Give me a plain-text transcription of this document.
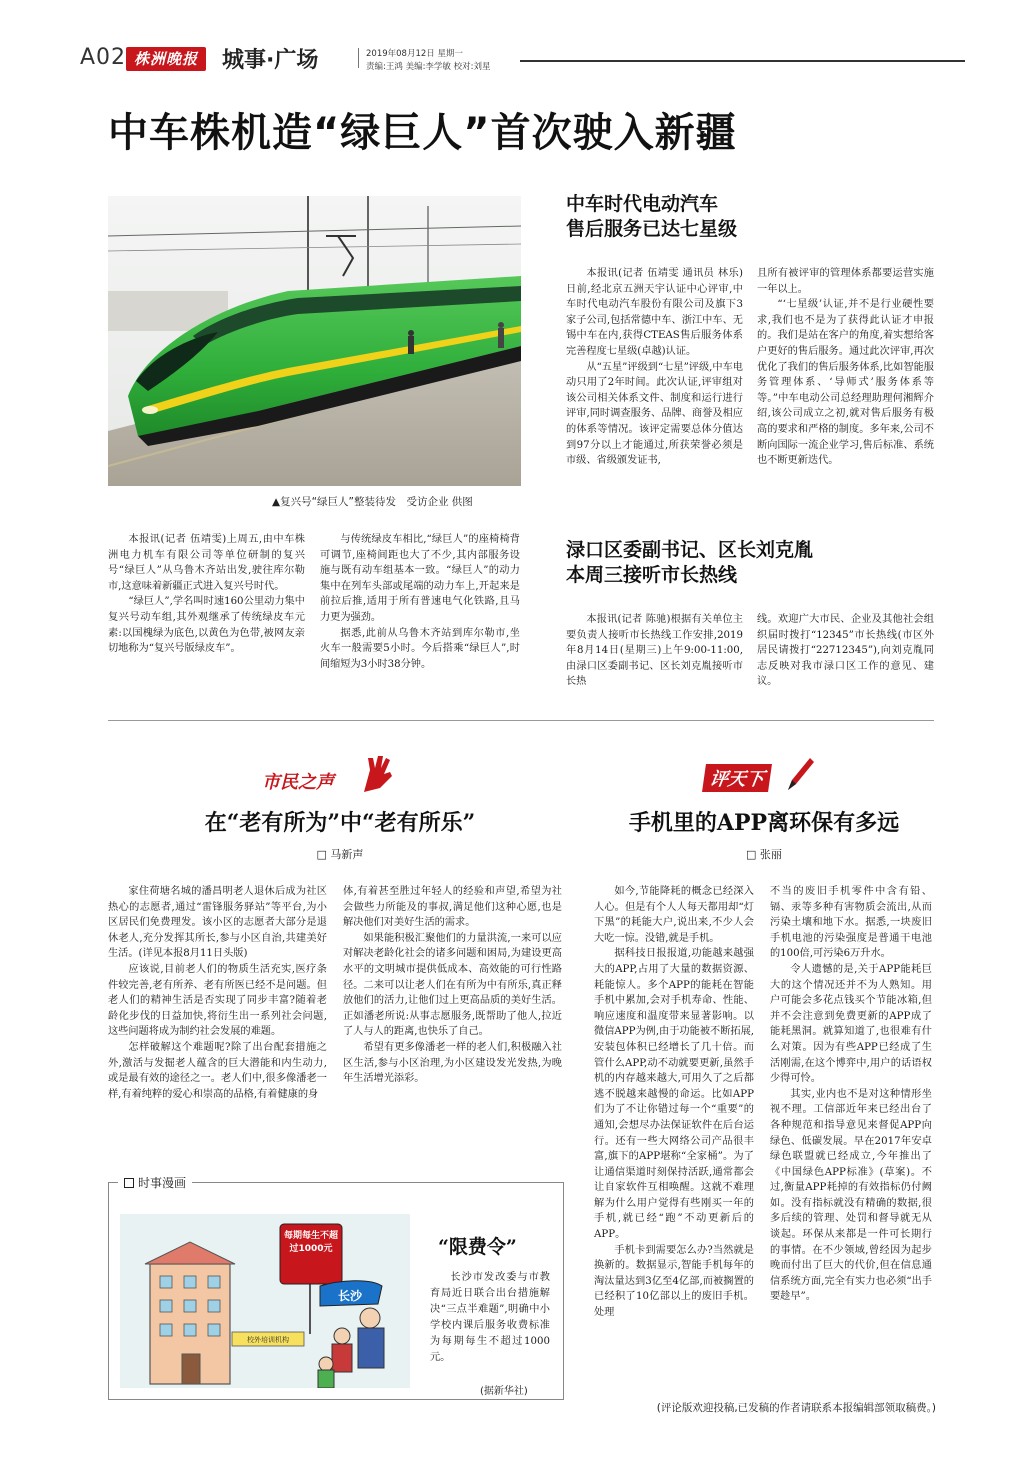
A02 株洲晚报	城事·广场	2019年08月12日 星期一
责编:王鸿 美编:李学敏 校对:刘星
中车株机造“绿巨人”首次驶入新疆
▲复兴号“绿巨人”整装待发　受访企业 供图

本报讯(记者 伍靖雯)上周五,由中车株洲电力机车有限公司等单位研制的复兴号“绿巨人”从乌鲁木齐站出发,驶往库尔勒市,这意味着新疆正式进入复兴号时代。

“绿巨人”,学名叫时速160公里动力集中复兴号动车组,其外观继承了传统绿皮车元素:以国槐绿为底色,以黄色为色带,被网友亲切地称为“复兴号版绿皮车”。

与传统绿皮车相比,“绿巨人”的座椅椅背可调节,座椅间距也大了不少,其内部服务设施与既有动车组基本一致。“绿巨人”的动力集中在列车头部或尾端的动力车上,开起来是前拉后推,适用于所有普速电气化铁路,且马力更为强劲。

据悉,此前从乌鲁木齐站到库尔勒市,坐火车一般需要5小时。今后搭乘“绿巨人”,时间缩短为3小时38分钟。

中车时代电动汽车
售后服务已达七星级

本报讯(记者 伍靖雯 通讯员 林乐)日前,经北京五洲天宇认证中心评审,中车时代电动汽车股份有限公司及旗下3家子公司,包括常德中车、浙江中车、无锡中车在内,获得CTEAS售后服务体系完善程度七星级(卓越)认证。

从“五星”评级到“七星”评级,中车电动只用了2年时间。此次认证,评审组对该公司相关体系文件、制度和运行进行评审,同时调查服务、品牌、商誉及相应的体系等情况。该评定需要总体分值达到97分以上才能通过,所获荣誉必须是市级、省级颁发证书,

且所有被评审的管理体系都要运营实施一年以上。

“‘七星级’认证,并不是行业硬性要求,我们也不是为了获得此认证才申报的。我们是站在客户的角度,着实想给客户更好的售后服务。通过此次评审,再次优化了我们的售后服务体系,比如智能服务管理体系、‘导师式’服务体系等等。”中车电动公司总经理助理何湘辉介绍,该公司成立之初,就对售后服务有极高的要求和严格的制度。多年来,公司不断向国际一流企业学习,售后标准、系统也不断更新迭代。

渌口区委副书记、区长刘克胤
本周三接听市长热线

本报讯(记者 陈驰)根据有关单位主要负责人接听市长热线工作安排,2019年8月14日(星期三)上午9:00-11:00,由渌口区委副书记、区长刘克胤接听市长热

线。欢迎广大市民、企业及其他社会组织届时拨打“12345”市长热线(市区外居民请拨打“22712345”),向刘克胤同志反映对我市渌口区工作的意见、建议。

市民之声
在“老有所为”中“老有所乐”
□ 马新声

家住荷塘名城的潘昌明老人退休后成为社区热心的志愿者,通过“雷锋服务驿站”等平台,为小区居民们免费理发。该小区的志愿者大部分是退休老人,充分发挥其所长,参与小区自治,共建美好生活。(详见本报8月11日头版)

应该说,目前老人们的物质生活充实,医疗条件较完善,老有所养、老有所医已经不是问题。但老人们的精神生活是否实现了同步丰富?随着老龄化步伐的日益加快,将衍生出一系列社会问题,这些问题将成为制约社会发展的难题。

怎样破解这个难题呢?除了出台配套措施之外,激活与发掘老人蕴含的巨大潜能和内生动力,或是最有效的途径之一。老人们中,很多像潘老一样,有着纯粹的爱心和崇高的品格,有着健康的身

体,有着甚至胜过年轻人的经验和声望,希望为社会做些力所能及的事叔,满足他们这种心愿,也是解决他们对美好生活的需求。

如果能积极汇聚他们的力量洪流,一来可以应对解决老龄化社会的诸多问题和困局,为建设更高水平的文明城市提供低成本、高效能的可行性路径。二来可以让老人们在有所为中有所乐,真正释放他们的活力,让他们过上更高品质的美好生活。正如潘老所说:从事志愿服务,既帮助了他人,拉近了人与人的距离,也快乐了自己。

希望有更多像潘老一样的老人们,积极融入社区生活,参与小区治理,为小区建设发光发热,为晚年生活增光添彩。

时事漫画
校外培训机构
每期每生不超过1000元
长沙
“限费令”

长沙市发改委与市教育局近日联合出台措施解决“三点半难题”,明确中小学校内课后服务收费标准为每期每生不超过1000元。

(据新华社)
评天下
手机里的APP离环保有多远
□ 张丽

如今,节能降耗的概念已经深入人心。但是有个人人每天都用却“灯下黑”的耗能大户,说出来,不少人会大吃一惊。没错,就是手机。

据科技日报报道,功能越来越强大的APP,占用了大量的数据资源、耗能惊人。多个APP的能耗在智能手机中累加,会对手机寿命、性能、响应速度和温度带来显著影响。以微信APP为例,由于功能被不断拓展,安装包体积已经增长了几十倍。而管什么APP,动不动就要更新,虽然手机的内存越来越大,可用久了之后都逃不脱越来越慢的命运。比如APP们为了不让你错过每一个“重要”的通知,会想尽办法保证软件在后台运行。还有一些大网络公司产品很丰富,旗下的APP堪称“全家桶”。为了让通信渠道时刻保持活跃,通常都会让自家软件互相唤醒。这就不难理解为什么用户觉得有些刚买一年的手机,就已经“跑”不动更新后的APP。

手机卡到需要怎么办?当然就是换新的。数据显示,智能手机每年的淘汰量达到3亿至4亿部,而被搁置的已经积了10亿部以上的废旧手机。处理

不当的废旧手机零件中含有铅、镉、汞等多种有害物质会流出,从而污染土壤和地下水。据悉,一块废旧手机电池的污染强度是普通干电池的100倍,可污染6万升水。

令人遗憾的是,关于APP能耗巨大的这个情况还并不为人熟知。用户可能会多花点钱买个节能冰箱,但并不会注意到免费更新的APP成了能耗黑洞。就算知道了,也很难有什么对策。因为有些APP已经成了生活刚需,在这个博弈中,用户的话语权少得可怜。

其实,业内也不是对这种情形坐视不理。工信部近年来已经出台了各种规范和指导意见来督促APP向绿色、低碳发展。早在2017年安卓绿色联盟就已经成立,今年推出了《中国绿色APP标准》(草案)。不过,衡量APP耗掉的有效指标仍付阙如。没有指标就没有精确的数据,很多后续的管理、处罚和督导就无从谈起。环保从来都是一件可长期行的事情。在不少领域,曾经因为起步晚而付出了巨大的代价,但在信息通信系统方面,完全有实力也必须“出手要趁早”。

(评论版欢迎投稿,已发稿的作者请联系本报编辑部领取稿费。)
